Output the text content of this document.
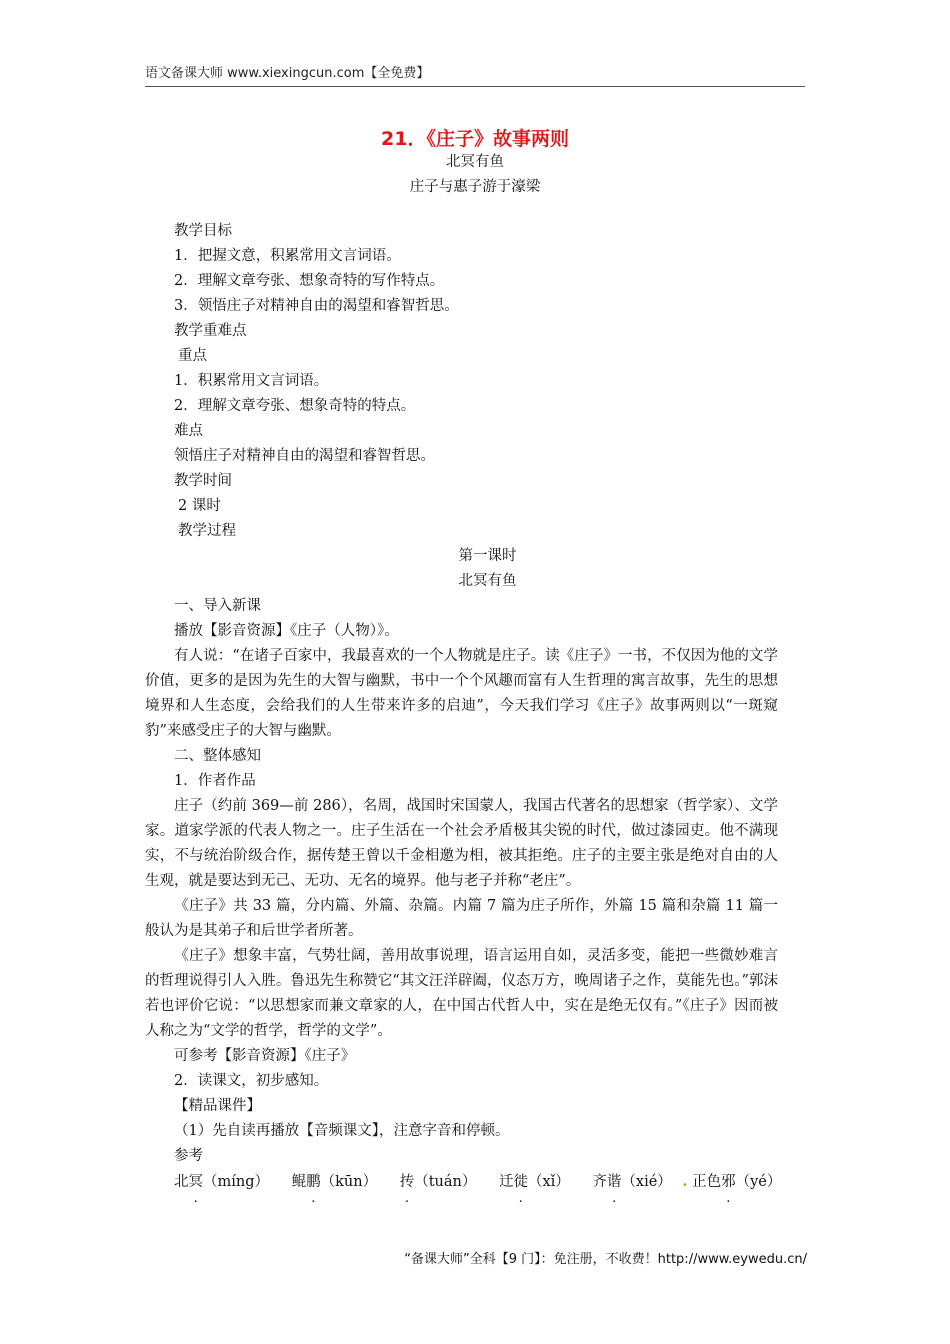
语文备课大师 www.xiexingcun.com【全免费】
21．《庄子》故事两则
北冥有鱼
庄子与惠子游于濠梁
教学目标
1．把握文意，积累常用文言词语。
2．理解文章夸张、想象奇特的写作特点。
3．领悟庄子对精神自由的渴望和睿智哲思。
教学重难点
重点
1．积累常用文言词语。
2．理解文章夸张、想象奇特的特点。
难点
领悟庄子对精神自由的渴望和睿智哲思。
教学时间
2 课时
教学过程
第一课时
北冥有鱼
一、导入新课
播放【影音资源】《庄子（人物）》。
有人说：“在诸子百家中，我最喜欢的一个人物就是庄子。读《庄子》一书，不仅因为他的文学价值，更多的是因为先生的大智与幽默，书中一个个风趣而富有人生哲理的寓言故事，先生的思想境界和人生态度，会给我们的人生带来许多的启迪”，今天我们学习《庄子》故事两则以“一斑窥豹”来感受庄子的大智与幽默。
二、整体感知
1．作者作品
庄子（约前 369—前 286），名周，战国时宋国蒙人，我国古代著名的思想家（哲学家）、文学家。道家学派的代表人物之一。庄子生活在一个社会矛盾极其尖锐的时代，做过漆园吏。他不满现实，不与统治阶级合作，据传楚王曾以千金相邀为相，被其拒绝。庄子的主要主张是绝对自由的人生观，就是要达到无己、无功、无名的境界。他与老子并称“老庄”。
《庄子》共 33 篇，分内篇、外篇、杂篇。内篇 7 篇为庄子所作，外篇 15 篇和杂篇 11 篇一般认为是其弟子和后世学者所著。
《庄子》想象丰富，气势壮阔，善用故事说理，语言运用自如，灵活多变，能把一些微妙难言的哲理说得引人入胜。鲁迅先生称赞它“其文汪洋辟阖，仪态万方，晚周诸子之作，莫能先也。”郭沫若也评价它说：“以思想家而兼文章家的人，在中国古代哲人中，实在是绝无仅有。”《庄子》因而被人称之为“文学的哲学，哲学的文学”。
可参考【影音资源】《庄子》
2．读课文，初步感知。
【精品课件】
（1）先自读再播放【音频课文】，注意字音和停顿。
参考
北冥（míng） 鲲鹏（kūn） 抟（tuán） 迁徙（xǐ） 齐谐（xié） . 正色邪（yé）
“备课大师”全科【9 门】：免注册，不收费！http://www.eywedu.cn/
